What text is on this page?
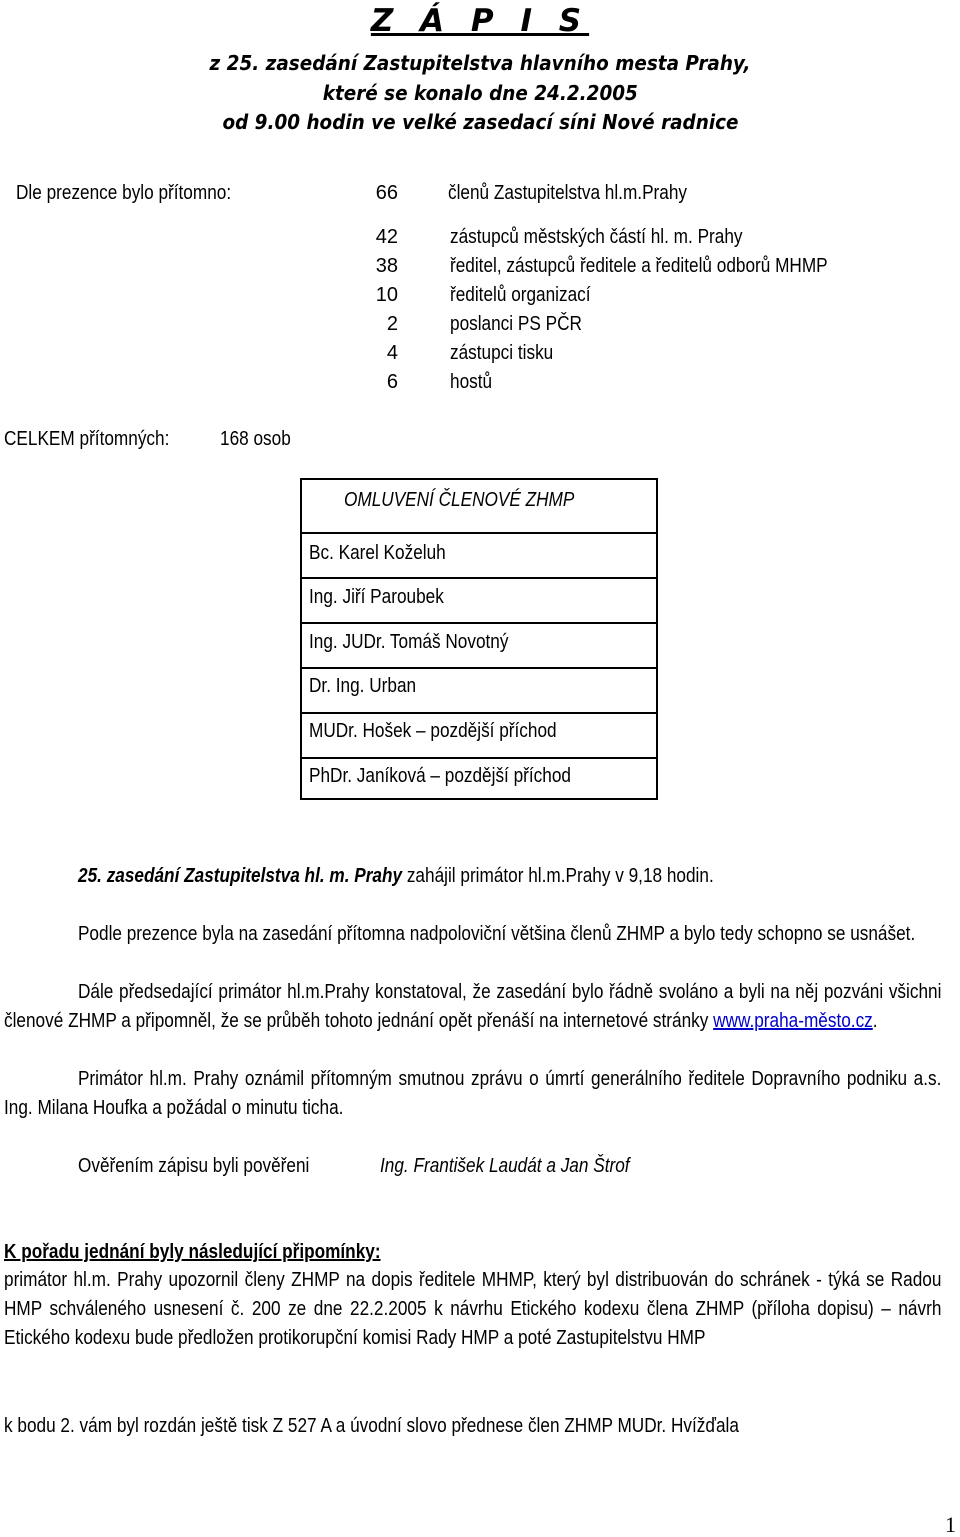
Z Á P I S
z 25. zasedání Zastupitelstva hlavního mesta Prahy,
které se konalo dne 24.2.2005
od 9.00 hodin ve velké zasedací síni Nové radnice
Dle prezence bylo přítomno:	66	členů Zastupitelstva hl.m.Prahy
42	zástupců městských částí hl. m. Prahy
38	ředitel, zástupců ředitele a ředitelů odborů MHMP
10	ředitelů organizací
2	poslanci PS PČR
4	zástupci tisku
6	hostů
CELKEM přítomných:	168 osob
OMLUVENÍ ČLENOVÉ ZHMP
Bc. Karel Koželuh
Ing. Jiří Paroubek
Ing. JUDr. Tomáš Novotný
Dr. Ing. Urban
MUDr. Hošek – pozdější příchod
PhDr. Janíková – pozdější příchod
25. zasedání Zastupitelstva hl. m. Prahy zahájil primátor hl.m.Prahy v 9,18 hodin.
Podle prezence byla na zasedání přítomna nadpoloviční většina členů ZHMP a bylo tedy schopno se usnášet.
Dále předsedající primátor hl.m.Prahy konstatoval, že zasedání bylo řádně svoláno a byli na něj pozváni všichni členové ZHMP a připomněl, že se průběh tohoto jednání opět přenáší na internetové stránky www.praha-město.cz.
Primátor hl.m. Prahy oznámil přítomným smutnou zprávu o úmrtí generálního ředitele Dopravního podniku a.s. Ing. Milana Houfka a požádal o minutu ticha.
Ověřením zápisu byli pověřeni	Ing. František Laudát a Jan Štrof
K pořadu jednání byly následující připomínky:
primátor hl.m. Prahy upozornil členy ZHMP na dopis ředitele MHMP, který byl distribuován do schránek - týká se Radou HMP schváleného usnesení č. 200 ze dne 22.2.2005 k návrhu Etického kodexu člena ZHMP (příloha dopisu) – návrh Etického kodexu bude předložen protikorupční komisi Rady HMP a poté Zastupitelstvu HMP
k bodu 2. vám byl rozdán ještě tisk Z 527 A a úvodní slovo přednese člen ZHMP MUDr. Hvížďala
1
